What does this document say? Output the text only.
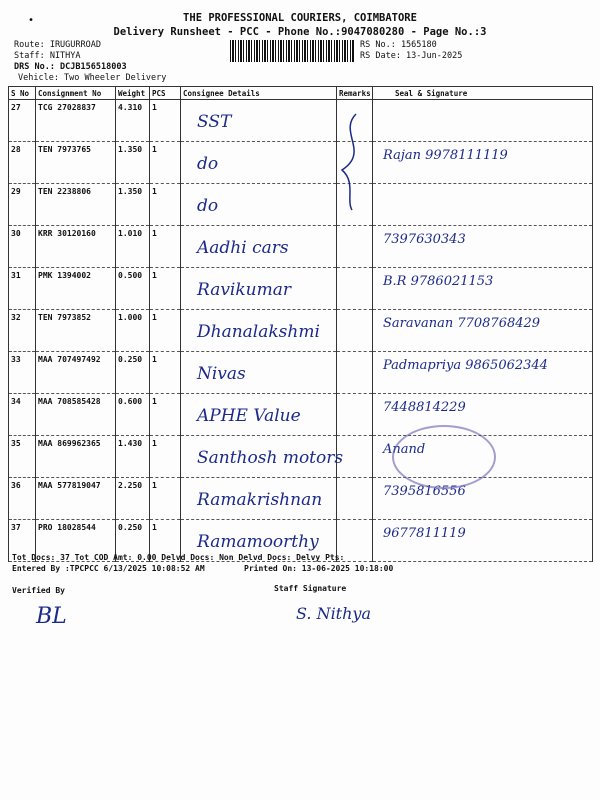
•	THE PROFESSIONAL COURIERS, COIMBATORE
Delivery Runsheet - PCC - Phone No.:9047080280 - Page No.:3
Route: IRUGURROAD
Staff: NITHYA
DRS No.: DCJB156518003
Vehicle: Two Wheeler Delivery
RS No.: 1565180
RS Date: 13-Jun-2025
S No	Consignment No	Weight	PCS	Consignee Details	Remarks	Seal & Signature
27	TCG 27028837	4.310	1	SST		

28	TEN 7973765	1.350	1	do		Rajan 9978111119

29	TEN 2238806	1.350	1	do		

30	KRR 30120160	1.010	1	Aadhi cars		7397630343

31	PMK 1394002	0.500	1	Ravikumar		B.R 9786021153

32	TEN 7973852	1.000	1	Dhanalakshmi		Saravanan 7708768429

33	MAA 707497492	0.250	1	Nivas		Padmapriya 9865062344

34	MAA 708585428	0.600	1	APHE Value		7448814229

35	MAA 869962365	1.430	1	Santhosh motors		Anand

36	MAA 577819047	2.250	1	Ramakrishnan		7395816556

37	PRO 18028544	0.250	1	Ramamoorthy		9677811119
Tot Docs: 37 Tot COD Amt: 0.00 Delvd Docs: Non Delvd Docs: Delvy Pts:
Entered By :TPCPCC 6/13/2025 10:08:52 AM	Printed On: 13-06-2025 10:18:00
Verified By	Staff Signature
BL	S. Nithya
